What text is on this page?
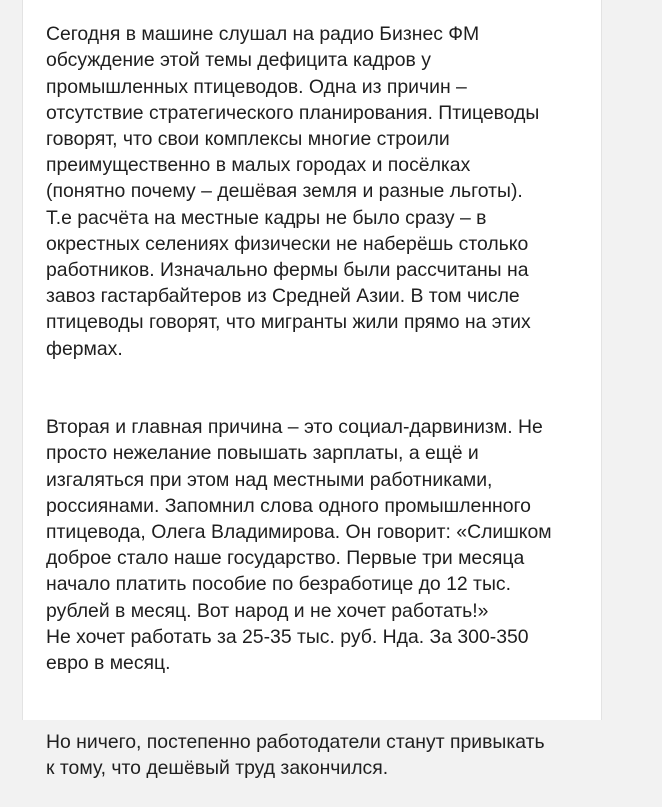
Сегодня в машине слушал на радио Бизнес ФМ
обсуждение этой темы дефицита кадров у
промышленных птицеводов. Одна из причин –
отсутствие стратегического планирования. Птицеводы
говорят, что свои комплексы многие строили
преимущественно в малых городах и посёлках
(понятно почему – дешёвая земля и разные льготы).
Т.е расчёта на местные кадры не было сразу – в
окрестных селениях физически не наберёшь столько
работников. Изначально фермы были рассчитаны на
завоз гастарбайтеров из Средней Азии. В том числе
птицеводы говорят, что мигранты жили прямо на этих
фермах.

Вторая и главная причина – это социал-дарвинизм. Не
просто нежелание повышать зарплаты, а ещё и
изгаляться при этом над местными работниками,
россиянами. Запомнил слова одного промышленного
птицевода, Олега Владимирова. Он говорит: «Слишком
доброе стало наше государство. Первые три месяца
начало платить пособие по безработице до 12 тыс.
рублей в месяц. Вот народ и не хочет работать!»
Не хочет работать за 25-35 тыс. руб. Нда. За 300-350
евро в месяц.

Но ничего, постепенно работодатели станут привыкать
к тому, что дешёвый труд закончился.
